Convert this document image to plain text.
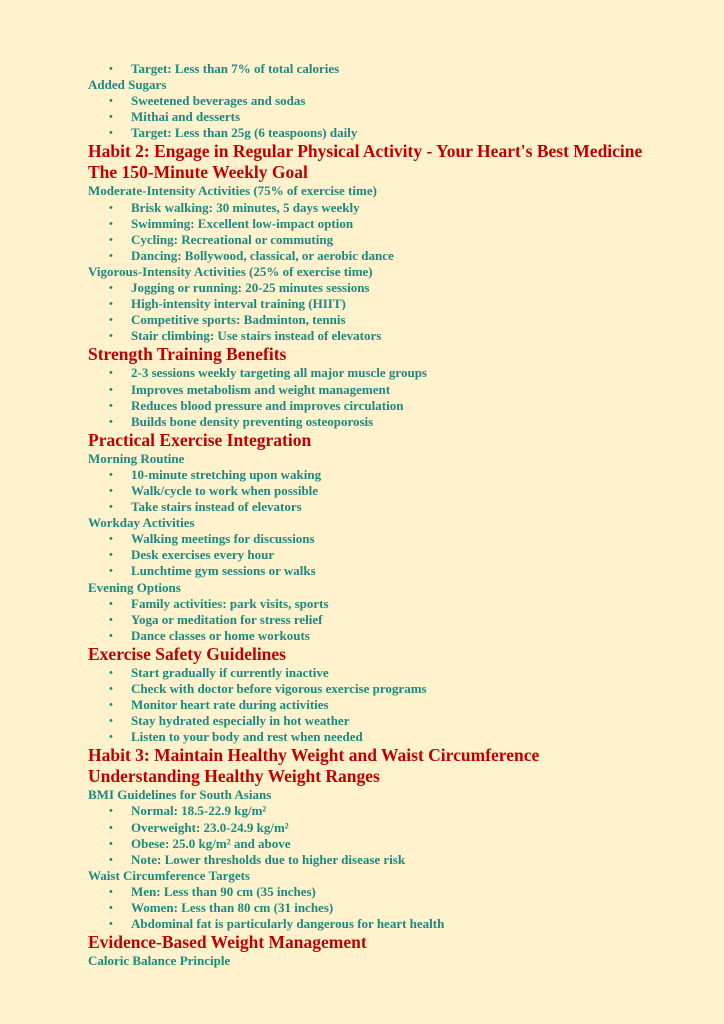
• Target: Less than 7% of total calories
Added Sugars
• Sweetened beverages and sodas
• Mithai and desserts
• Target: Less than 25g (6 teaspoons) daily
Habit 2: Engage in Regular Physical Activity - Your Heart's Best Medicine
The 150-Minute Weekly Goal
Moderate-Intensity Activities (75% of exercise time)
• Brisk walking: 30 minutes, 5 days weekly
• Swimming: Excellent low-impact option
• Cycling: Recreational or commuting
• Dancing: Bollywood, classical, or aerobic dance
Vigorous-Intensity Activities (25% of exercise time)
• Jogging or running: 20-25 minutes sessions
• High-intensity interval training (HIIT)
• Competitive sports: Badminton, tennis
• Stair climbing: Use stairs instead of elevators
Strength Training Benefits
• 2-3 sessions weekly targeting all major muscle groups
• Improves metabolism and weight management
• Reduces blood pressure and improves circulation
• Builds bone density preventing osteoporosis
Practical Exercise Integration
Morning Routine
• 10-minute stretching upon waking
• Walk/cycle to work when possible
• Take stairs instead of elevators
Workday Activities
• Walking meetings for discussions
• Desk exercises every hour
• Lunchtime gym sessions or walks
Evening Options
• Family activities: park visits, sports
• Yoga or meditation for stress relief
• Dance classes or home workouts
Exercise Safety Guidelines
• Start gradually if currently inactive
• Check with doctor before vigorous exercise programs
• Monitor heart rate during activities
• Stay hydrated especially in hot weather
• Listen to your body and rest when needed
Habit 3: Maintain Healthy Weight and Waist Circumference
Understanding Healthy Weight Ranges
BMI Guidelines for South Asians
• Normal: 18.5-22.9 kg/m²
• Overweight: 23.0-24.9 kg/m²
• Obese: 25.0 kg/m² and above
• Note: Lower thresholds due to higher disease risk
Waist Circumference Targets
• Men: Less than 90 cm (35 inches)
• Women: Less than 80 cm (31 inches)
• Abdominal fat is particularly dangerous for heart health
Evidence-Based Weight Management
Caloric Balance Principle
